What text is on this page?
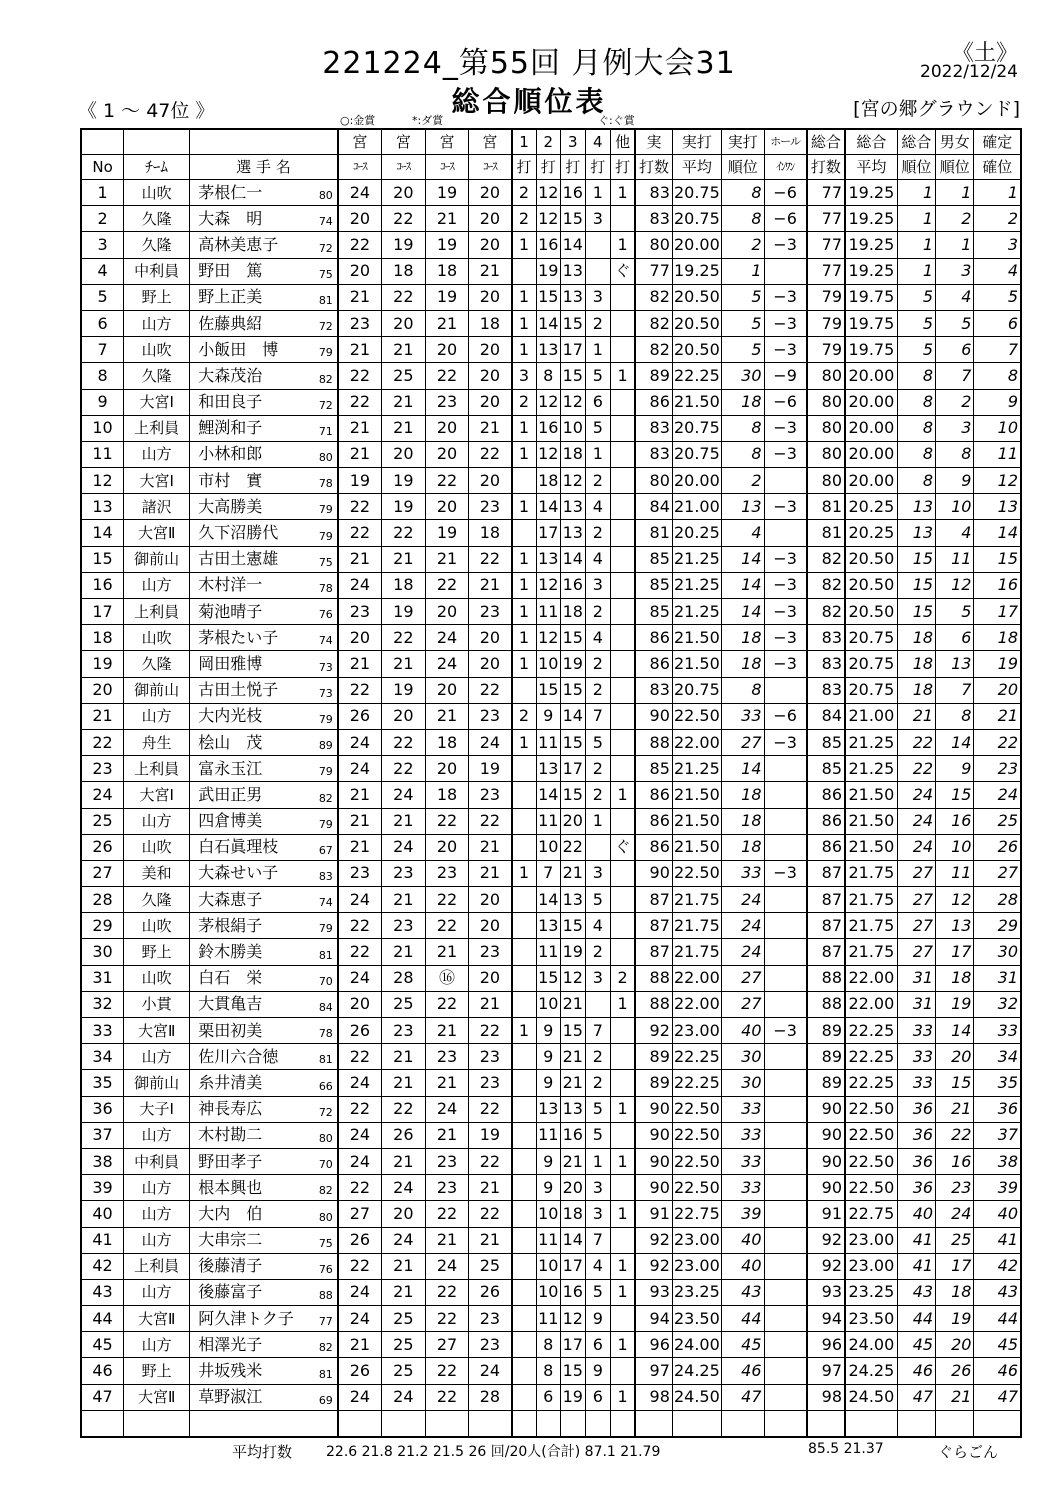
221224_第55回 月例大会31	《土》
2022/12/24
《 1 ～ 47位 》	総合順位表	[宮の郷グラウンド]
○:金賞	*:ダ賞	ぐ:ぐ賞
			宮	宮	宮	宮	1	2	3	4	他	実	実打	実打	ホール	総合	総合	総合	男女	確定
No	ﾁｰﾑ	選 手 名	ｺｰｽ	ｺｰｽ	ｺｰｽ	ｺｰｽ	打	打	打	打	打	打数	平均	順位	ｲﾝﾜﾝ	打数	平均	順位	順位	確位
1	山吹	茅根仁一 80	24	20	19	20	2	12	16	1	1	83	20.75	8	−6	77	19.25	1	1	1
2	久隆	大森　明 74	20	22	21	20	2	12	15	3		83	20.75	8	−6	77	19.25	1	2	2
3	久隆	高林美恵子 72	22	19	19	20	1	16	14		1	80	20.00	2	−3	77	19.25	1	1	3
4	中利員	野田　篤 75	20	18	18	21		19	13		ぐ	77	19.25	1		77	19.25	1	3	4
5	野上	野上正美 81	21	22	19	20	1	15	13	3		82	20.50	5	−3	79	19.75	5	4	5
6	山方	佐藤典紹 72	23	20	21	18	1	14	15	2		82	20.50	5	−3	79	19.75	5	5	6
7	山吹	小飯田　博 79	21	21	20	20	1	13	17	1		82	20.50	5	−3	79	19.75	5	6	7
8	久隆	大森茂治 82	22	25	22	20	3	8	15	5	1	89	22.25	30	−9	80	20.00	8	7	8
9	大宮Ⅰ	和田良子 72	22	21	23	20	2	12	12	6		86	21.50	18	−6	80	20.00	8	2	9
10	上利員	鯉渕和子 71	21	21	20	21	1	16	10	5		83	20.75	8	−3	80	20.00	8	3	10
11	山方	小林和郎 80	21	20	20	22	1	12	18	1		83	20.75	8	−3	80	20.00	8	8	11
12	大宮Ⅰ	市村　實 78	19	19	22	20		18	12	2		80	20.00	2		80	20.00	8	9	12
13	諸沢	大高勝美 79	22	19	20	23	1	14	13	4		84	21.00	13	−3	81	20.25	13	10	13
14	大宮Ⅱ	久下沼勝代 79	22	22	19	18		17	13	2		81	20.25	4		81	20.25	13	4	14
15	御前山	古田土憲雄 75	21	21	21	22	1	13	14	4		85	21.25	14	−3	82	20.50	15	11	15
16	山方	木村洋一 78	24	18	22	21	1	12	16	3		85	21.25	14	−3	82	20.50	15	12	16
17	上利員	菊池晴子 76	23	19	20	23	1	11	18	2		85	21.25	14	−3	82	20.50	15	5	17
18	山吹	茅根たい子 74	20	22	24	20	1	12	15	4		86	21.50	18	−3	83	20.75	18	6	18
19	久隆	岡田雅博 73	21	21	24	20	1	10	19	2		86	21.50	18	−3	83	20.75	18	13	19
20	御前山	古田土悦子 73	22	19	20	22		15	15	2		83	20.75	8		83	20.75	18	7	20
21	山方	大内光枝 79	26	20	21	23	2	9	14	7		90	22.50	33	−6	84	21.00	21	8	21
22	舟生	桧山　茂 89	24	22	18	24	1	11	15	5		88	22.00	27	−3	85	21.25	22	14	22
23	上利員	富永玉江 79	24	22	20	19		13	17	2		85	21.25	14		85	21.25	22	9	23
24	大宮Ⅰ	武田正男 82	21	24	18	23		14	15	2	1	86	21.50	18		86	21.50	24	15	24
25	山方	四倉博美 79	21	21	22	22		11	20	1		86	21.50	18		86	21.50	24	16	25
26	山吹	白石眞理枝 67	21	24	20	21		10	22		ぐ	86	21.50	18		86	21.50	24	10	26
27	美和	大森せい子 83	23	23	23	21	1	7	21	3		90	22.50	33	−3	87	21.75	27	11	27
28	久隆	大森恵子 74	24	21	22	20		14	13	5		87	21.75	24		87	21.75	27	12	28
29	山吹	茅根絹子 79	22	23	22	20		13	15	4		87	21.75	24		87	21.75	27	13	29
30	野上	鈴木勝美 81	22	21	21	23		11	19	2		87	21.75	24		87	21.75	27	17	30
31	山吹	白石　栄 70	24	28	⑯	20		15	12	3	2	88	22.00	27		88	22.00	31	18	31
32	小貫	大貫亀吉 84	20	25	22	21		10	21		1	88	22.00	27		88	22.00	31	19	32
33	大宮Ⅱ	栗田初美 78	26	23	21	22	1	9	15	7		92	23.00	40	−3	89	22.25	33	14	33
34	山方	佐川六合徳 81	22	21	23	23		9	21	2		89	22.25	30		89	22.25	33	20	34
35	御前山	糸井清美 66	24	21	21	23		9	21	2		89	22.25	30		89	22.25	33	15	35
36	大子Ⅰ	神長寿広 72	22	22	24	22		13	13	5	1	90	22.50	33		90	22.50	36	21	36
37	山方	木村勘二 80	24	26	21	19		11	16	5		90	22.50	33		90	22.50	36	22	37
38	中利員	野田孝子 70	24	21	23	22		9	21	1	1	90	22.50	33		90	22.50	36	16	38
39	山方	根本興也 82	22	24	23	21		9	20	3		90	22.50	33		90	22.50	36	23	39
40	山方	大内　伯 80	27	20	22	22		10	18	3	1	91	22.75	39		91	22.75	40	24	40
41	山方	大串宗二 75	26	24	21	21		11	14	7		92	23.00	40		92	23.00	41	25	41
42	上利員	後藤清子 76	22	21	24	25		10	17	4	1	92	23.00	40		92	23.00	41	17	42
43	山方	後藤富子 88	24	21	22	26		10	16	5	1	93	23.25	43		93	23.25	43	18	43
44	大宮Ⅱ	阿久津トク子 77	24	25	22	23		11	12	9		94	23.50	44		94	23.50	44	19	44
45	山方	相澤光子 82	21	25	27	23		8	17	6	1	96	24.00	45		96	24.00	45	20	45
46	野上	井坂残米 81	26	25	22	24		8	15	9		97	24.25	46		97	24.25	46	26	46
47	大宮Ⅱ	草野淑江 69	24	24	22	28		6	19	6	1	98	24.50	47		98	24.50	47	21	47

平均打数 22.6 21.8 21.2 21.5 26 回/20人(合計) 87.1 21.79	85.5 21.37	ぐらごん
